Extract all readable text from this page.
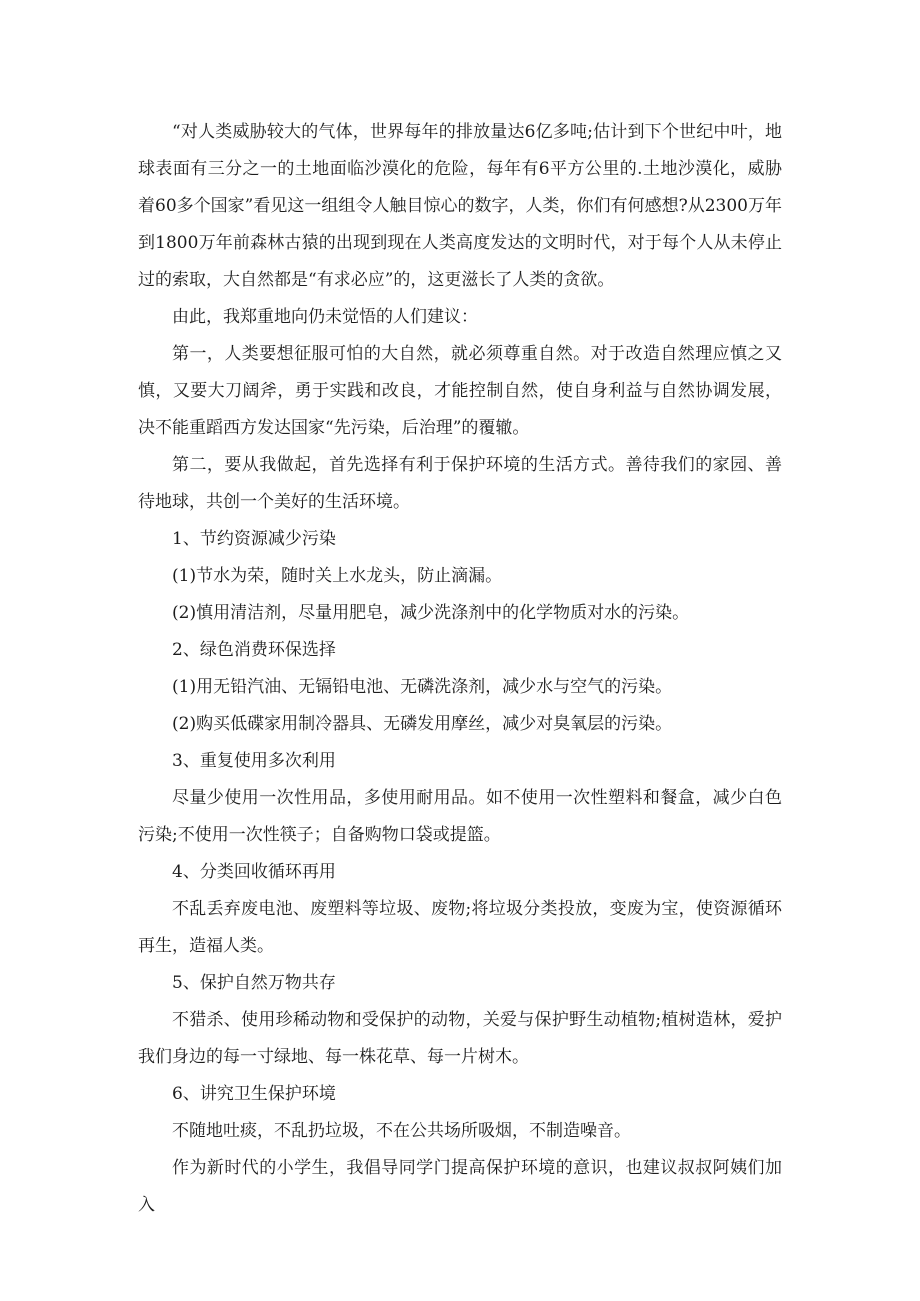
“对人类威胁较大的气体，世界每年的排放量达6亿多吨;估计到下个世纪中叶，地球表面有三分之一的土地面临沙漠化的危险，每年有6平方公里的.土地沙漠化，威胁着60多个国家”看见这一组组令人触目惊心的数字，人类，你们有何感想?从2300万年到1800万年前森林古猿的出现到现在人类高度发达的文明时代，对于每个人从未停止过的索取，大自然都是“有求必应”的，这更滋长了人类的贪欲。

由此，我郑重地向仍未觉悟的人们建议：

第一，人类要想征服可怕的大自然，就必须尊重自然。对于改造自然理应慎之又慎，又要大刀阔斧，勇于实践和改良，才能控制自然，使自身利益与自然协调发展，决不能重蹈西方发达国家“先污染，后治理”的覆辙。

第二，要从我做起，首先选择有利于保护环境的生活方式。善待我们的家园、善待地球，共创一个美好的生活环境。

1、节约资源减少污染

(1)节水为荣，随时关上水龙头，防止滴漏。

(2)慎用清洁剂，尽量用肥皂，减少洗涤剂中的化学物质对水的污染。

2、绿色消费环保选择

(1)用无铅汽油、无镉铅电池、无磷洗涤剂，减少水与空气的污染。

(2)购买低碟家用制冷器具、无磷发用摩丝，减少对臭氧层的污染。

3、重复使用多次利用

尽量少使用一次性用品，多使用耐用品。如不使用一次性塑料和餐盒，减少白色污染;不使用一次性筷子；自备购物口袋或提篮。

4、分类回收循环再用

不乱丢弃废电池、废塑料等垃圾、废物;将垃圾分类投放，变废为宝，使资源循环再生，造福人类。

5、保护自然万物共存

不猎杀、使用珍稀动物和受保护的动物，关爱与保护野生动植物;植树造林，爱护我们身边的每一寸绿地、每一株花草、每一片树木。

6、讲究卫生保护环境

不随地吐痰，不乱扔垃圾，不在公共场所吸烟，不制造噪音。

作为新时代的小学生，我倡导同学门提高保护环境的意识，也建议叔叔阿姨们加入
